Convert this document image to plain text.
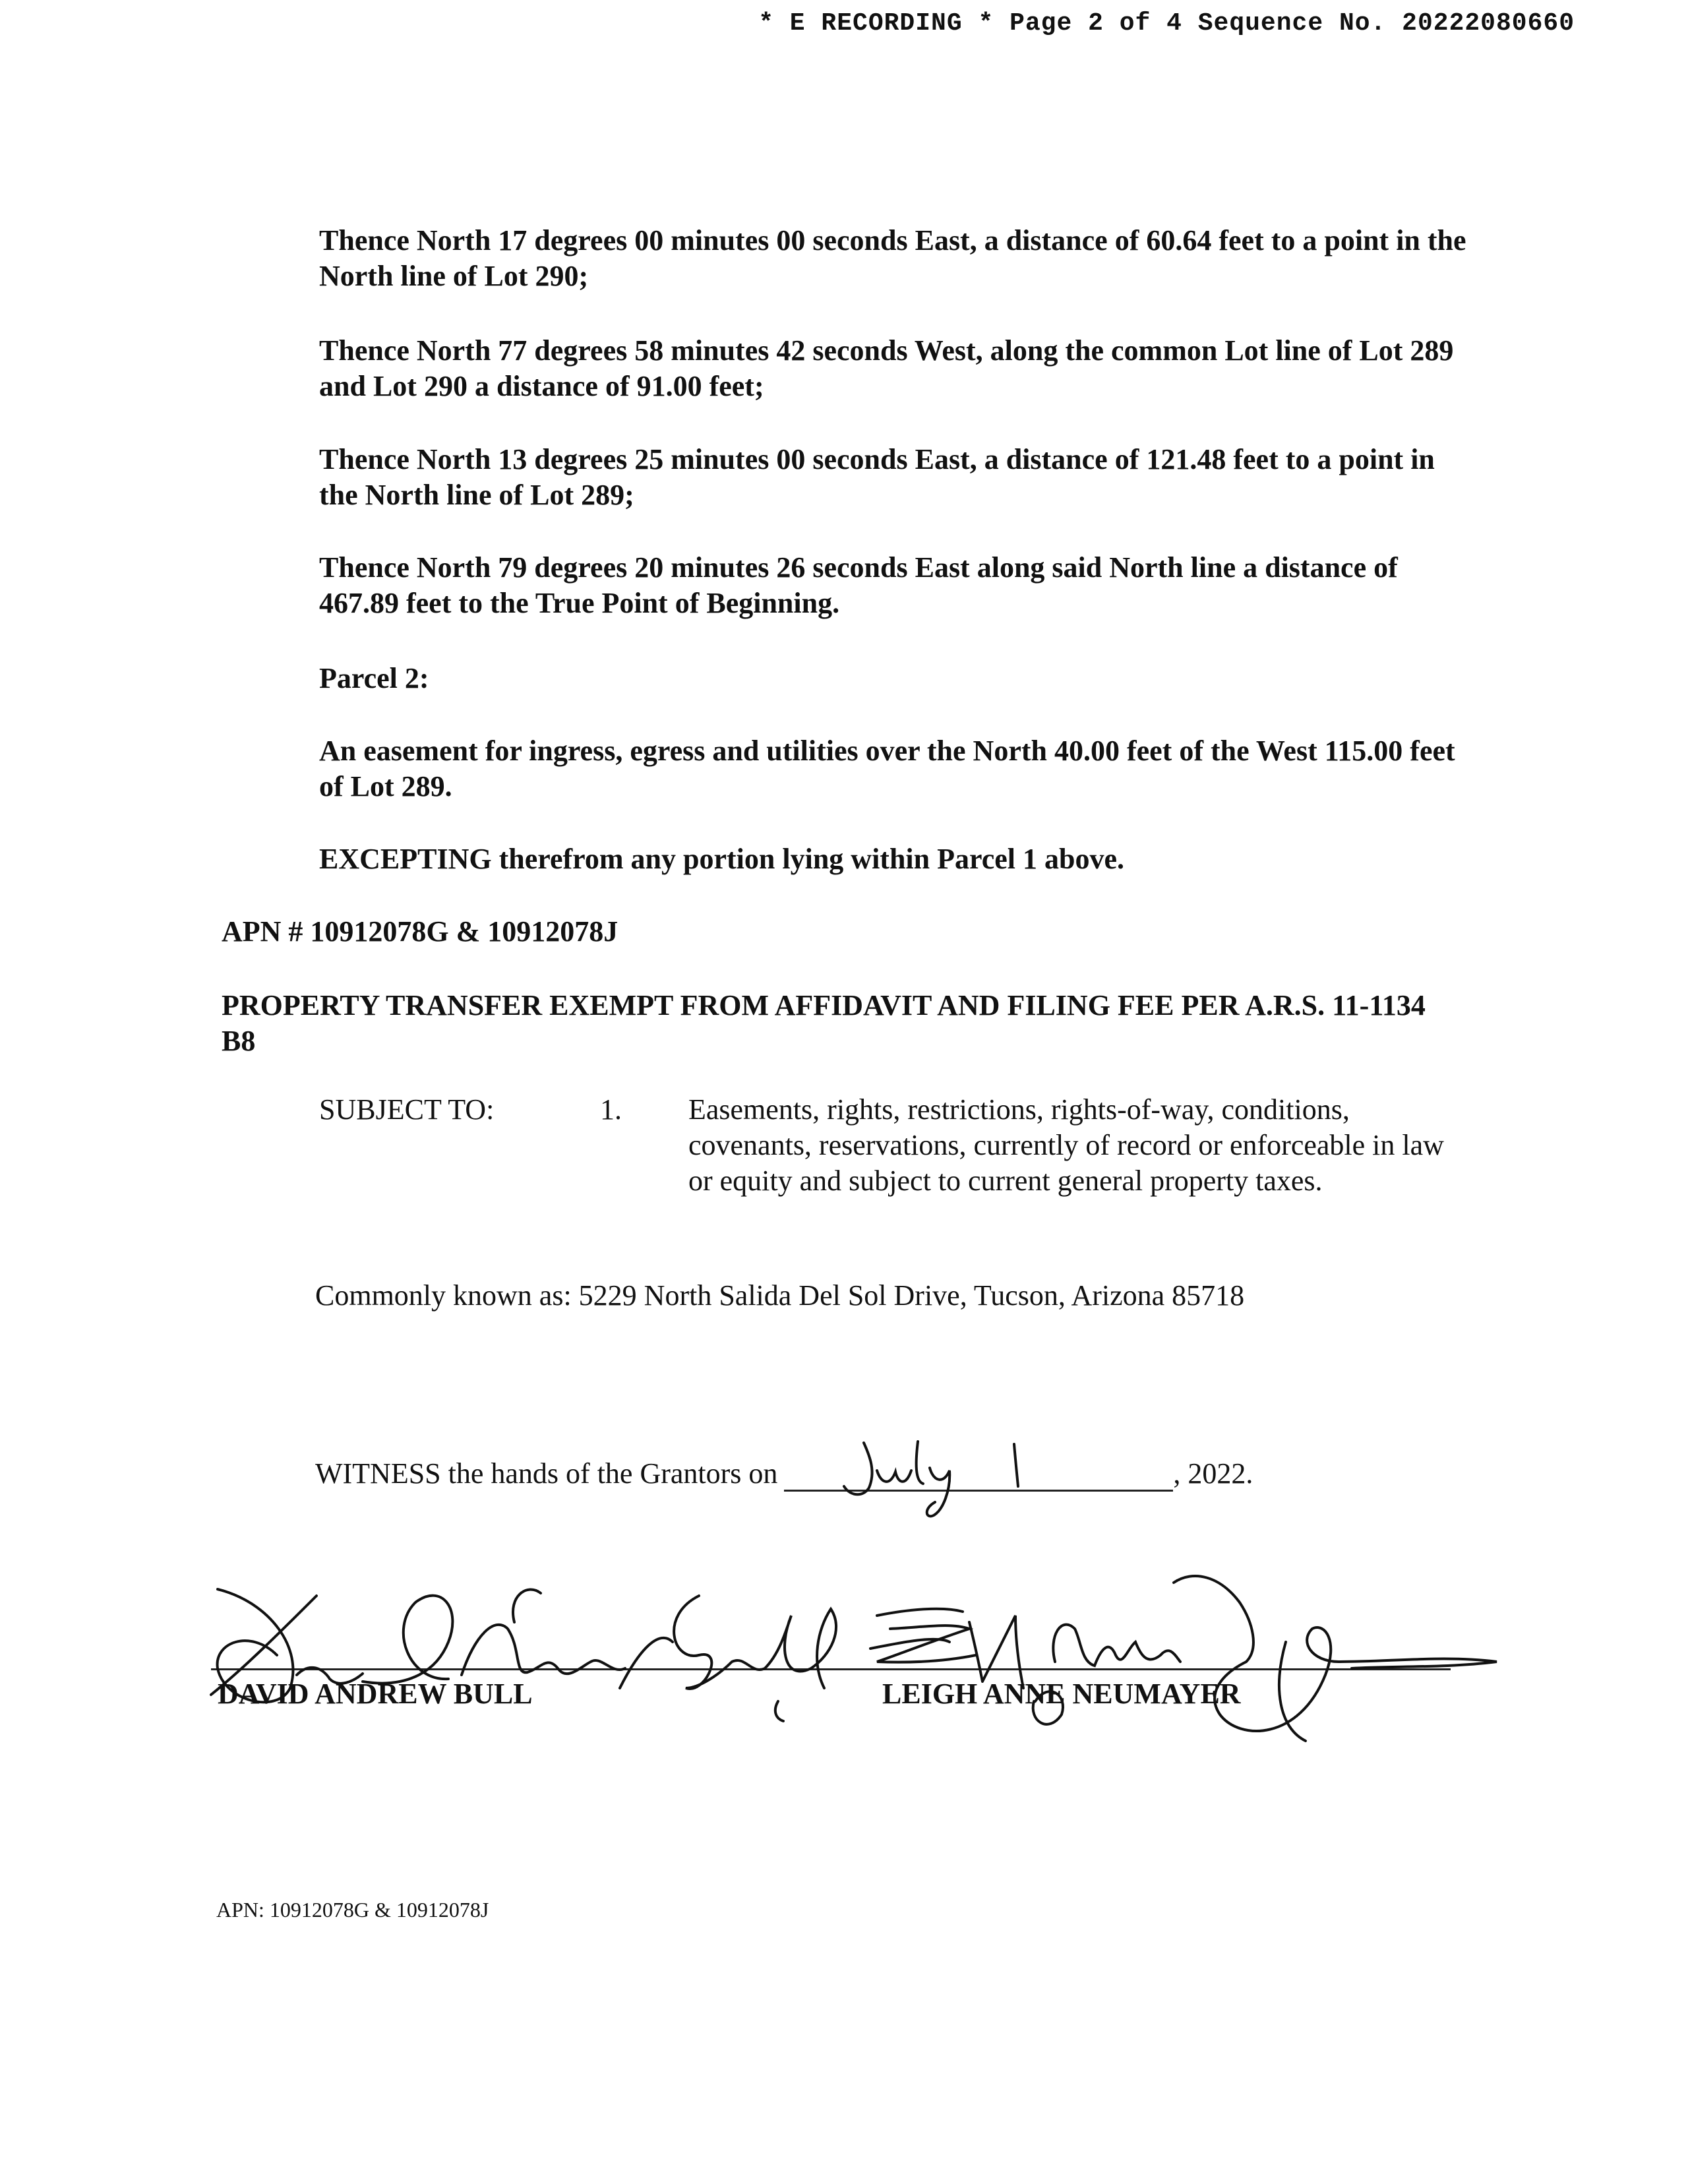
* E RECORDING * Page 2 of 4 Sequence No. 20222080660

Thence North 17 degrees 00 minutes 00 seconds East, a distance of 60.64 feet to a point in the North line of Lot 290;

Thence North 77 degrees 58 minutes 42 seconds West, along the common Lot line of Lot 289 and Lot 290 a distance of 91.00 feet;

Thence North 13 degrees 25 minutes 00 seconds East, a distance of 121.48 feet to a point in the North line of Lot 289;

Thence North 79 degrees 20 minutes 26 seconds East along said North line a distance of 467.89 feet to the True Point of Beginning.

Parcel 2:

An easement for ingress, egress and utilities over the North 40.00 feet of the West 115.00 feet of Lot 289.

EXCEPTING therefrom any portion lying within Parcel 1 above.

APN # 10912078G & 10912078J

PROPERTY TRANSFER EXEMPT FROM AFFIDAVIT AND FILING FEE PER A.R.S. 11-1134 B8

SUBJECT TO:	1. Easements, rights, restrictions, rights-of-way, conditions, covenants, reservations, currently of record or enforceable in law or equity and subject to current general property taxes.

Commonly known as: 5229 North Salida Del Sol Drive, Tucson, Arizona 85718

WITNESS the hands of the Grantors on	, 2022.

DAVID ANDREW BULL	LEIGH ANNE NEUMAYER

APN: 10912078G & 10912078J
